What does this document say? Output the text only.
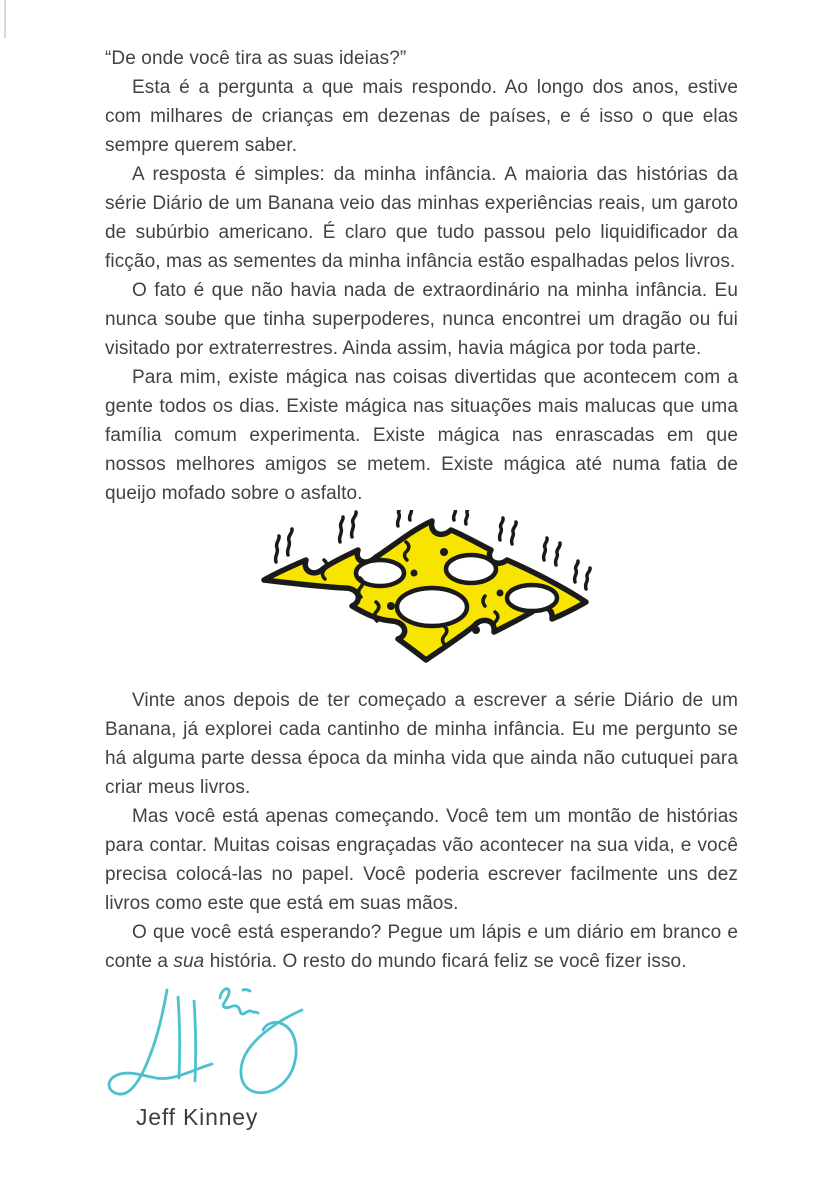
“De onde você tira as suas ideias?”

Esta é a pergunta a que mais respondo. Ao longo dos anos, estive com milhares de crianças em dezenas de países, e é isso o que elas sempre querem saber.

A resposta é simples: da minha infância. A maioria das histórias da série Diário de um Banana veio das minhas experiências reais, um garoto de subúrbio americano. É claro que tudo passou pelo liquidificador da ficção, mas as sementes da minha infância estão espalhadas pelos livros.

O fato é que não havia nada de extraordinário na minha infância. Eu nunca soube que tinha superpoderes, nunca encontrei um dragão ou fui visitado por extraterrestres. Ainda assim, havia mágica por toda parte.

Para mim, existe mágica nas coisas divertidas que acontecem com a gente todos os dias. Existe mágica nas situações mais malucas que uma família comum experimenta. Existe mágica nas enrascadas em que nossos melhores amigos se metem. Existe mágica até numa fatia de queijo mofado sobre o asfalto.

Vinte anos depois de ter começado a escrever a série Diário de um Banana, já explorei cada cantinho de minha infância. Eu me pergunto se há alguma parte dessa época da minha vida que ainda não cutuquei para criar meus livros.

Mas você está apenas começando. Você tem um montão de histórias para contar. Muitas coisas engraçadas vão acontecer na sua vida, e você precisa colocá-las no papel. Você poderia escrever facilmente uns dez livros como este que está em suas mãos.

O que você está esperando? Pegue um lápis e um diário em branco e conte a sua história. O resto do mundo ficará feliz se você fizer isso.

Jeff Kinney
